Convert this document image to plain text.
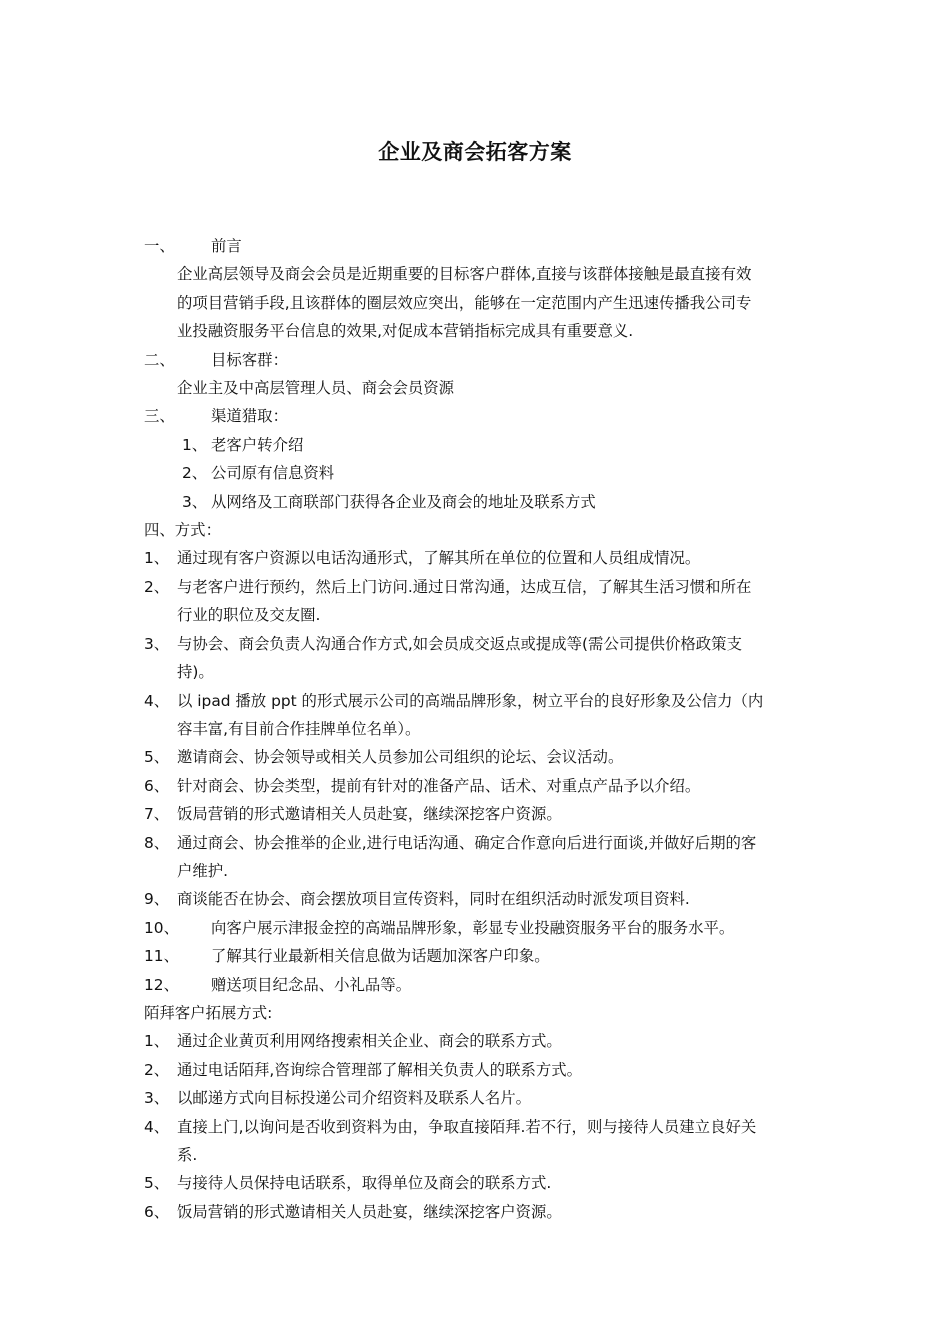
企业及商会拓客方案
一、	前言
企业高层领导及商会会员是近期重要的目标客户群体,直接与该群体接触是最直接有效
的项目营销手段,且该群体的圈层效应突出，能够在一定范围内产生迅速传播我公司专
业投融资服务平台信息的效果,对促成本营销指标完成具有重要意义.
二、	目标客群：
企业主及中高层管理人员、商会会员资源
三、	渠道猎取：
1、 老客户转介绍
2、 公司原有信息资料
3、 从网络及工商联部门获得各企业及商会的地址及联系方式
四、方式：
1、 通过现有客户资源以电话沟通形式，了解其所在单位的位置和人员组成情况。
2、 与老客户进行预约，然后上门访问.通过日常沟通，达成互信，了解其生活习惯和所在
行业的职位及交友圈.
3、 与协会、商会负责人沟通合作方式,如会员成交返点或提成等(需公司提供价格政策支
持)。
4、 以 ipad 播放 ppt 的形式展示公司的高端品牌形象，树立平台的良好形象及公信力（内
容丰富,有目前合作挂牌单位名单）。
5、 邀请商会、协会领导或相关人员参加公司组织的论坛、会议活动。
6、 针对商会、协会类型，提前有针对的准备产品、话术、对重点产品予以介绍。
7、 饭局营销的形式邀请相关人员赴宴，继续深挖客户资源。
8、 通过商会、协会推举的企业,进行电话沟通、确定合作意向后进行面谈,并做好后期的客
户维护.
9、 商谈能否在协会、商会摆放项目宣传资料，同时在组织活动时派发项目资料.
10、	向客户展示津报金控的高端品牌形象，彰显专业投融资服务平台的服务水平。
11、	了解其行业最新相关信息做为话题加深客户印象。
12、	赠送项目纪念品、小礼品等。
陌拜客户拓展方式:
1、 通过企业黄页利用网络搜索相关企业、商会的联系方式。
2、 通过电话陌拜,咨询综合管理部了解相关负责人的联系方式。
3、 以邮递方式向目标投递公司介绍资料及联系人名片。
4、 直接上门,以询问是否收到资料为由，争取直接陌拜.若不行，则与接待人员建立良好关
系.
5、 与接待人员保持电话联系，取得单位及商会的联系方式.
6、 饭局营销的形式邀请相关人员赴宴，继续深挖客户资源。
